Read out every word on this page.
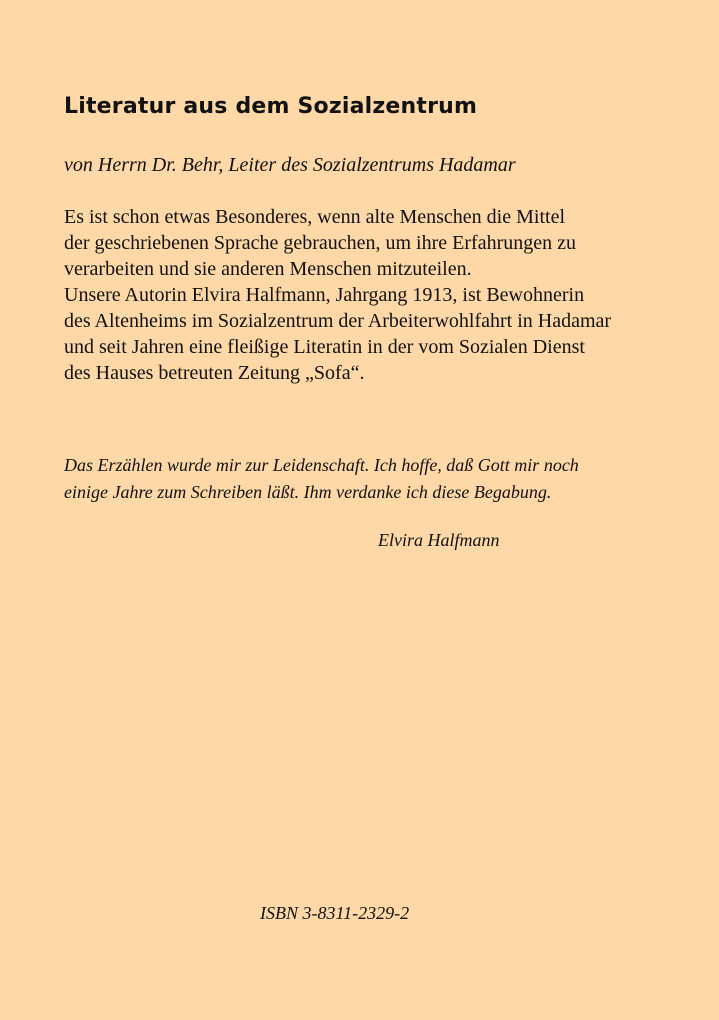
Literatur aus dem Sozialzentrum

von Herrn Dr. Behr, Leiter des Sozialzentrums Hadamar

Es ist schon etwas Besonderes, wenn alte Menschen die Mittel
der geschriebenen Sprache gebrauchen, um ihre Erfahrungen zu
verarbeiten und sie anderen Menschen mitzuteilen.
Unsere Autorin Elvira Halfmann, Jahrgang 1913, ist Bewohnerin
des Altenheims im Sozialzentrum der Arbeiterwohlfahrt in Hadamar
und seit Jahren eine fleißige Literatin in der vom Sozialen Dienst
des Hauses betreuten Zeitung „Sofa“.

Das Erzählen wurde mir zur Leidenschaft. Ich hoffe, daß Gott mir noch
einige Jahre zum Schreiben läßt. Ihm verdanke ich diese Begabung.

Elvira Halfmann

ISBN 3-8311-2329-2
